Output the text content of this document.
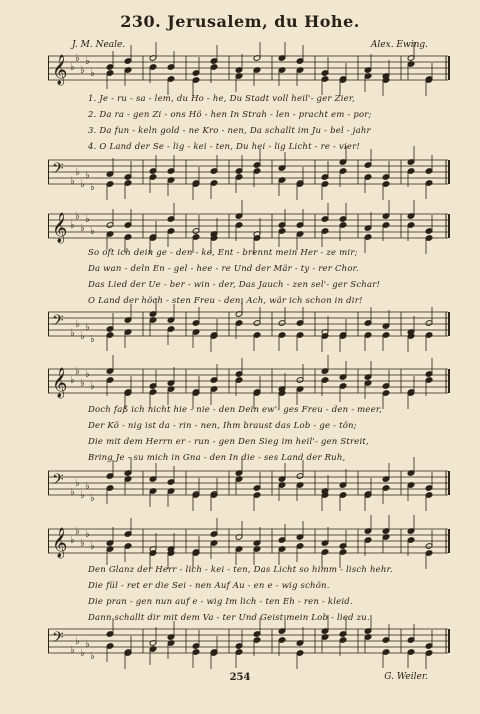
230. Jerusalem, du Hohe.
J. M. Neale.	Alex. Ewing.
𝄞 ♭
♭
♭
♭
♭
1. Je - ru - sa - lem, du Ho - he, Du Stadt voll heil'- ger Zier,
2. Da ra - gen Zi - ons Hö - hen In Strah - len - pracht em - por;
3. Da fun - keln gold - ne Kro - nen, Da schallt im Ju - bel - jahr
4. O Land der Se - lig - kei - ten, Du hei - lig Licht - re - vier!
𝄢
♭
♭
♭
♭
♭
𝄞 ♭
♭
♭
♭
♭
So oft ich dein ge - den - ke, Ent - brennt mein Her - ze mir;
Da wan - deln En - gel - hee - re Und der Mär - ty - rer Chor.
Das Lied der Ue - ber - win - der, Das Jauch - zen sel'- ger Schar!
O Land der höch - sten Freu - den, Ach, wär ich schon in dir!
𝄢
♭
♭
♭
♭
♭
𝄞 ♭
♭
♭
♭
♭
Doch faß ich nicht hie - nie - den Dein ew'- ges Freu - den - meer,
Der Kö - nig ist da - rin - nen, Ihm braust das Lob - ge - tön;
Die mit dem Herrn er - run - gen Den Sieg im heil'- gen Streit,
Bring Je - su mich in Gna - den In die - ses Land der Ruh,
𝄢
♭
♭
♭
♭
♭
𝄞 ♭
♭
♭
♭
♭
Den Glanz der Herr - lich - kei - ten, Das Licht so himm - lisch hehr.
Die fül - ret er die Sei - nen Auf Au - en e - wig schön.
Die pran - gen nun auf e - wig Im lich - ten Eh - ren - kleid.
Dann schallt dir mit dem Va - ter Und Geist mein Lob - lied zu.
𝄢
♭
♭
♭
♭
♭
254	G. Weiler.
